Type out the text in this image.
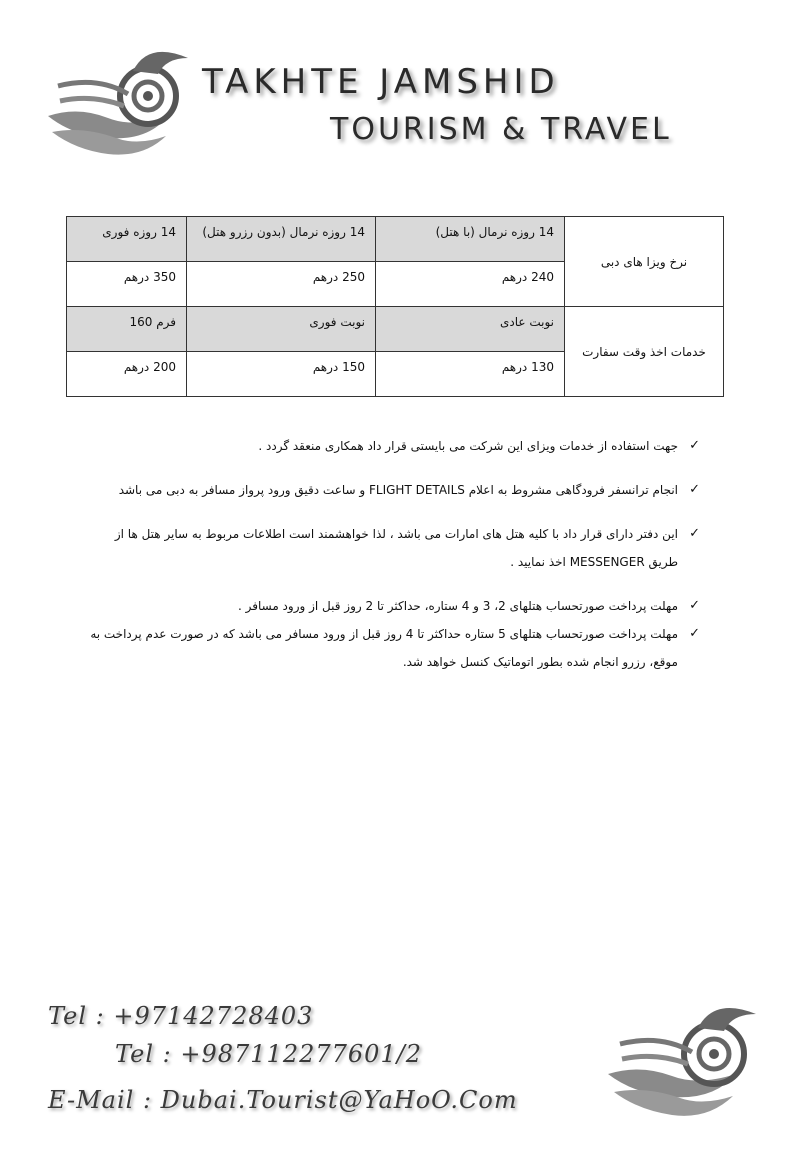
TAKHTE JAMSHID
TOURISM & TRAVEL
نرخ ویزا های دبی	14 روزه نرمال (با هتل)	14 روزه نرمال (بدون رزرو هتل)	14 روزه فوری
	240 درهم	250 درهم	350 درهم
خدمات اخذ وقت سفارت	نوبت عادی	نوبت فوری	فرم 160
	130 درهم	150 درهم	200 درهم
✓
جهت استفاده از خدمات ویزای این شرکت می بایستی قرار داد همکاری منعقد گردد .
✓
انجام ترانسفر فرودگاهی مشروط به اعلام FLIGHT DETAILS و ساعت دقیق ورود پرواز مسافر به دبی می باشد
✓
این دفتر دارای قرار داد با کلیه هتل های امارات می باشد ، لذا خواهشمند است اطلاعات مربوط به سایر هتل ها از طریق MESSENGER اخذ نمایید .
✓
مهلت پرداخت صورتحساب هتلهای 2، 3 و 4 ستاره، حداکثر تا 2 روز قبل از ورود مسافر .
✓
مهلت پرداخت صورتحساب هتلهای 5 ستاره حداکثر تا 4 روز قبل از ورود مسافر می باشد که در صورت عدم پرداخت به موقع، رزرو انجام شده بطور اتوماتیک کنسل خواهد شد.
Tel : +97142728403
Tel : +987112277601/2
E-Mail : Dubai.Tourist@YaHoO.Com
